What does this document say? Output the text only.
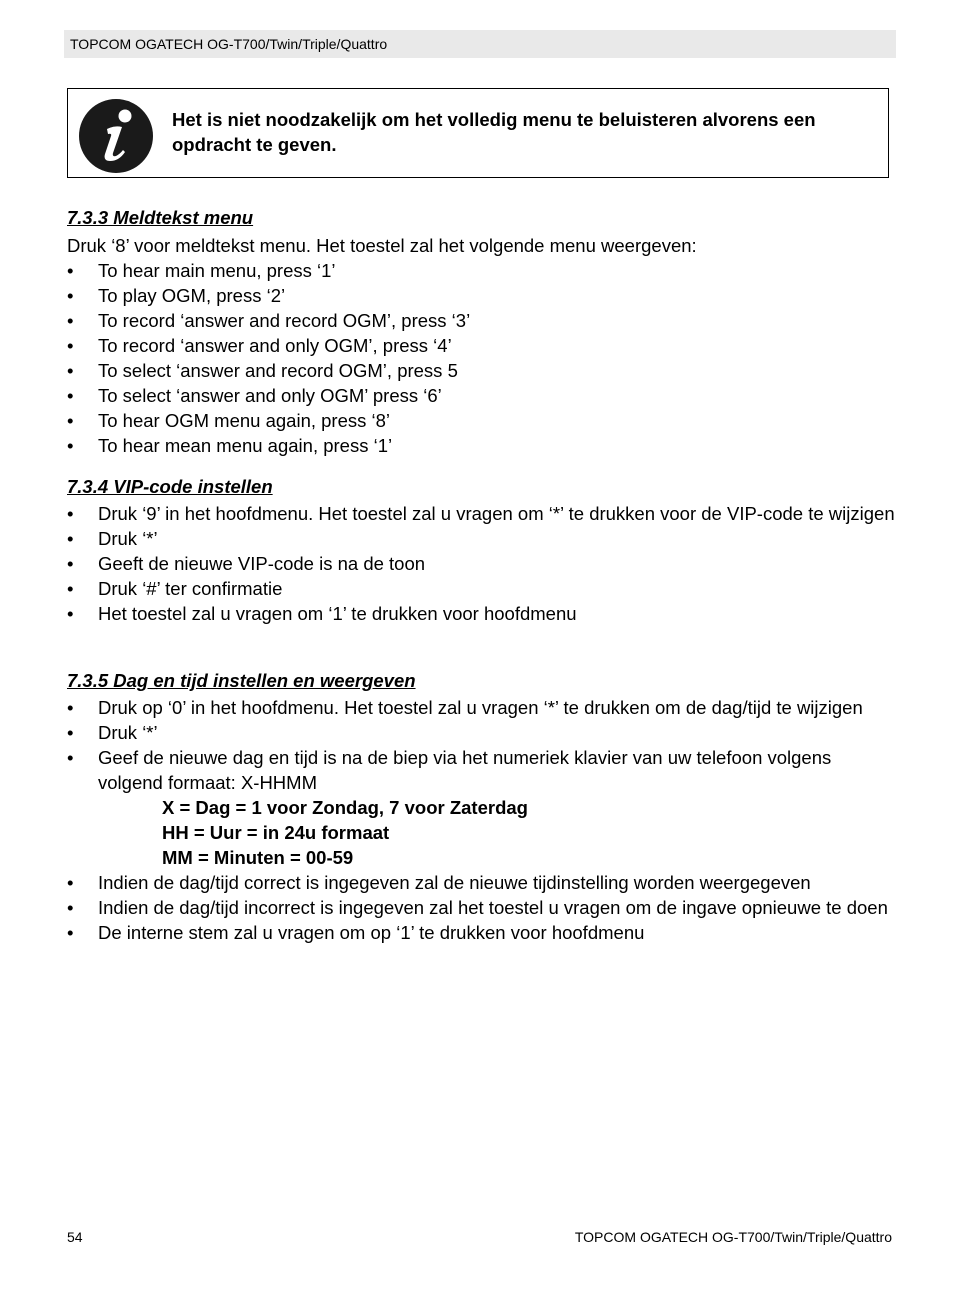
TOPCOM OGATECH OG-T700/Twin/Triple/Quattro
Het is niet noodzakelijk om het volledig menu te beluisteren alvorens een opdracht te geven.
7.3.3 Meldtekst menu
Druk ‘8’ voor meldtekst menu. Het toestel zal het volgende menu weergeven:
• To hear main menu, press ‘1’
• To play OGM, press ‘2’
• To record ‘answer and record OGM’, press ‘3’
• To record ‘answer and only OGM’, press ‘4’
• To select ‘answer and record OGM’, press 5
• To select ‘answer and only OGM’ press ‘6’
• To hear OGM menu again, press ‘8’
• To hear mean menu again, press ‘1’
7.3.4 VIP-code instellen
• Druk ‘9’ in het hoofdmenu. Het toestel zal u vragen om ‘*’ te drukken voor de VIP-code te wijzigen
• Druk ‘*’
• Geeft de nieuwe VIP-code is na de toon
• Druk ‘#’ ter confirmatie
• Het toestel zal u vragen om ‘1’ te drukken voor hoofdmenu
7.3.5 Dag en tijd instellen en weergeven
• Druk op ‘0’ in het hoofdmenu. Het toestel zal u vragen ‘*’ te drukken om de dag/tijd te wijzigen
• Druk ‘*’
• Geef de nieuwe dag en tijd is na de biep via het numeriek klavier van uw telefoon volgens volgend formaat: X-HHMM
X = Dag = 1 voor Zondag, 7 voor Zaterdag
HH = Uur = in 24u formaat
MM = Minuten = 00-59
• Indien de dag/tijd correct is ingegeven zal de nieuwe tijdinstelling worden weergegeven
• Indien de dag/tijd incorrect is ingegeven zal het toestel u vragen om de ingave opnieuwe te doen
• De interne stem zal u vragen om op ‘1’ te drukken voor hoofdmenu
54	TOPCOM OGATECH OG-T700/Twin/Triple/Quattro
